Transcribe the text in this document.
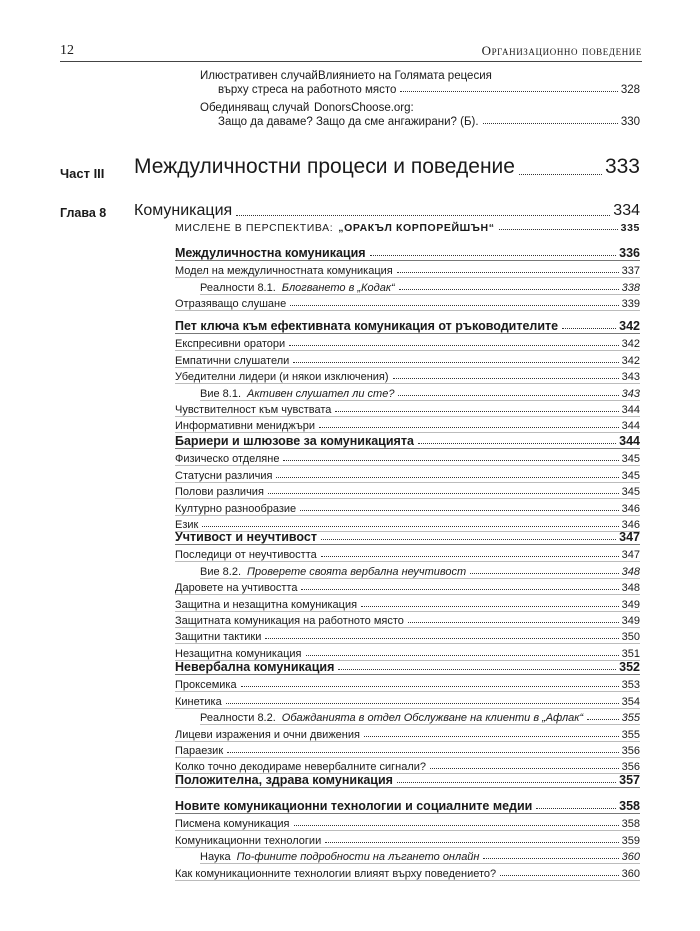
12	Организационно поведение
Илюстративен случай Влиянието на Голямата рецесия
върху стреса на работното място	328
Обединяващ случай DonorsChoose.org:
Защо да даваме? Защо да сме ангажирани? (Б).	330
Част III Междуличностни процеси и поведение	333
Глава 8 Комуникация	334
МИСЛЕНЕ В ПЕРСПЕКТИВА: „ОРАКЪЛ КОРПОРЕЙШЪН“	335
Междуличностна комуникация	336
Модел на междуличностната комуникация	337
Реалности 8.1. Блогването в „Кодак“	338
Отразяващо слушане	339
Пет ключа към ефективната комуникация от ръководителите	342
Експресивни оратори	342
Емпатични слушатели	342
Убедителни лидери (и някои изключения)	343
Вие 8.1. Активен слушател ли сте?	343
Чувствителност към чувствата	344
Информативни мениджъри	344
Бариери и шлюзове за комуникацията	344
Физическо отделяне	345
Статусни различия	345
Полови различия	345
Културно разнообразие	346
Език	346
Учтивост и неучтивост	347
Последици от неучтивостта	347
Вие 8.2. Проверете своята вербална неучтивост	348
Даровете на учтивостта	348
Защитна и незащитна комуникация	349
Защитната комуникация на работното място	349
Защитни тактики	350
Незащитна комуникация	351
Невербална комуникация	352
Проксемика	353
Кинетика	354
Реалности 8.2. Обажданията в отдел Обслужване на клиенти в „Афлак“	355
Лицеви изражения и очни движения	355
Параезик	356
Колко точно декодираме невербалните сигнали?	356
Положителна, здрава комуникация	357
Новите комуникационни технологии и социалните медии	358
Писмена комуникация	358
Комуникационни технологии	359
Наука По-фините подробности на лъгането онлайн	360
Как комуникационните технологии влияят върху поведението?	360
